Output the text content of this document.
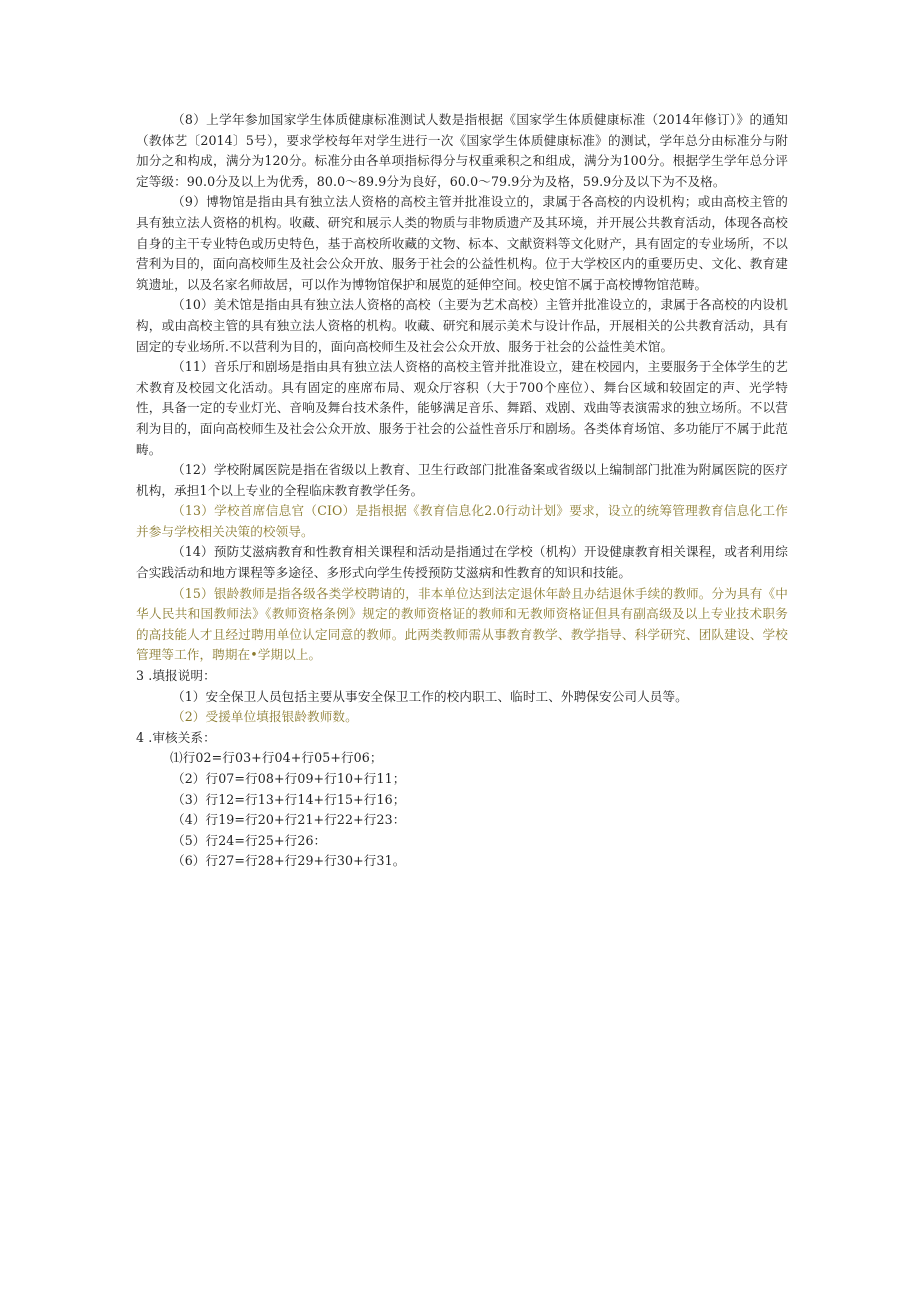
（8）上学年参加国家学生体质健康标准测试人数是指根据《国家学生体质健康标准（2014年修订）》的通知（教体艺〔2014〕5号），要求学校每年对学生进行一次《国家学生体质健康标准》的测试，学年总分由标准分与附加分之和构成，满分为120分。标准分由各单项指标得分与权重乘积之和组成，满分为100分。根据学生学年总分评定等级：90.0分及以上为优秀，80.0～89.9分为良好，60.0～79.9分为及格，59.9分及以下为不及格。

（9）博物馆是指由具有独立法人资格的高校主管并批准设立的，隶属于各高校的内设机构；或由高校主管的具有独立法人资格的机构。收藏、研究和展示人类的物质与非物质遗产及其环境，并开展公共教育活动，体现各高校自身的主干专业特色或历史特色，基于高校所收藏的文物、标本、文献资料等文化财产，具有固定的专业场所，不以营利为目的，面向高校师生及社会公众开放、服务于社会的公益性机构。位于大学校区内的重要历史、文化、教育建筑遗址，以及名家名师故居，可以作为博物馆保护和展览的延伸空间。校史馆不属于高校博物馆范畴。

（10）美术馆是指由具有独立法人资格的高校（主要为艺术高校）主管并批准设立的，隶属于各高校的内设机构，或由高校主管的具有独立法人资格的机构。收藏、研究和展示美术与设计作品，开展相关的公共教育活动，具有固定的专业场所.不以营利为目的，面向高校师生及社会公众开放、服务于社会的公益性美术馆。

（11）音乐厅和剧场是指由具有独立法人资格的高校主管并批准设立，建在校园内，主要服务于全体学生的艺术教育及校园文化活动。具有固定的座席布局、观众厅容积（大于700个座位）、舞台区域和较固定的声、光学特性，具备一定的专业灯光、音响及舞台技术条件，能够满足音乐、舞蹈、戏剧、戏曲等表演需求的独立场所。不以营利为目的，面向高校师生及社会公众开放、服务于社会的公益性音乐厅和剧场。各类体育场馆、多功能厅不属于此范畴。

（12）学校附属医院是指在省级以上教育、卫生行政部门批准备案或省级以上编制部门批准为附属医院的医疗机构，承担1个以上专业的全程临床教育教学任务。

（13）学校首席信息官（CIO）是指根据《教育信息化2.0行动计划》要求，设立的统筹管理教育信息化工作并参与学校相关决策的校领导。

（14）预防艾滋病教育和性教育相关课程和活动是指通过在学校（机构）开设健康教育相关课程，或者利用综合实践活动和地方课程等多途径、多形式向学生传授预防艾滋病和性教育的知识和技能。

（15）银龄教师是指各级各类学校聘请的，非本单位达到法定退休年龄且办结退休手续的教师。分为具有《中华人民共和国教师法》《教师资格条例》规定的教师资格证的教师和无教师资格证但具有副高级及以上专业技术职务的高技能人才且经过聘用单位认定同意的教师。此两类教师需从事教育教学、教学指导、科学研究、团队建设、学校管理等工作，聘期在•学期以上。

3 .填报说明：

（1）安全保卫人员包括主要从事安全保卫工作的校内职工、临时工、外聘保安公司人员等。

（2）受援单位填报银龄教师数。

4 .审核关系：

⑴行02=行03+行04+行05+行06；

（2）行07=行08+行09+行10+行11；

（3）行12=行13+行14+行15+行16；

（4）行19=行20+行21+行22+行23：

（5）行24=行25+行26：

（6）行27=行28+行29+行30+行31。
